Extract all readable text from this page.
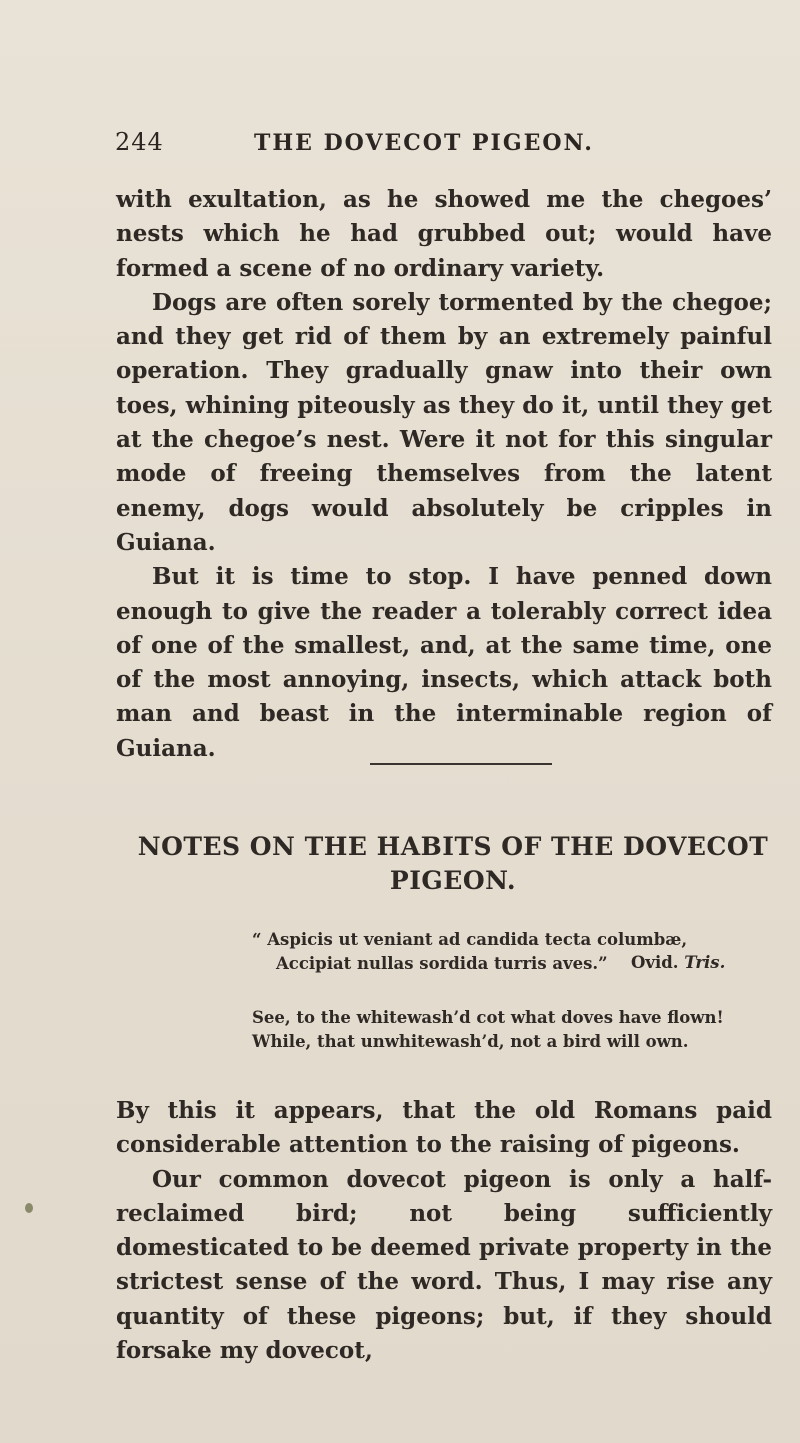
244	THE DOVECOT PIGEON.

with exultation, as he showed me the chegoes’ nests which he had grubbed out; would have formed a scene of no ordinary variety.

Dogs are often sorely tormented by the chegoe; and they get rid of them by an extremely painful operation. They gradually gnaw into their own toes, whining piteously as they do it, until they get at the chegoe’s nest. Were it not for this singular mode of freeing themselves from the latent enemy, dogs would absolutely be cripples in Guiana.

But it is time to stop. I have penned down enough to give the reader a tolerably correct idea of one of the smallest, and, at the same time, one of the most annoying, insects, which attack both man and beast in the interminable region of Guiana.

NOTES ON THE HABITS OF THE DOVECOT
PIGEON.
“ Aspicis ut veniant ad candida tecta columbæ,
Accipiat nullas sordida turris aves.”	Ovid. Tris.
See, to the whitewash’d cot what doves have flown!
While, that unwhitewash’d, not a bird will own.

By this it appears, that the old Romans paid considerable attention to the raising of pigeons.

Our common dovecot pigeon is only a half-reclaimed bird; not being sufficiently domesticated to be deemed private property in the strictest sense of the word. Thus, I may rise any quantity of these pigeons; but, if they should forsake my dovecot,
